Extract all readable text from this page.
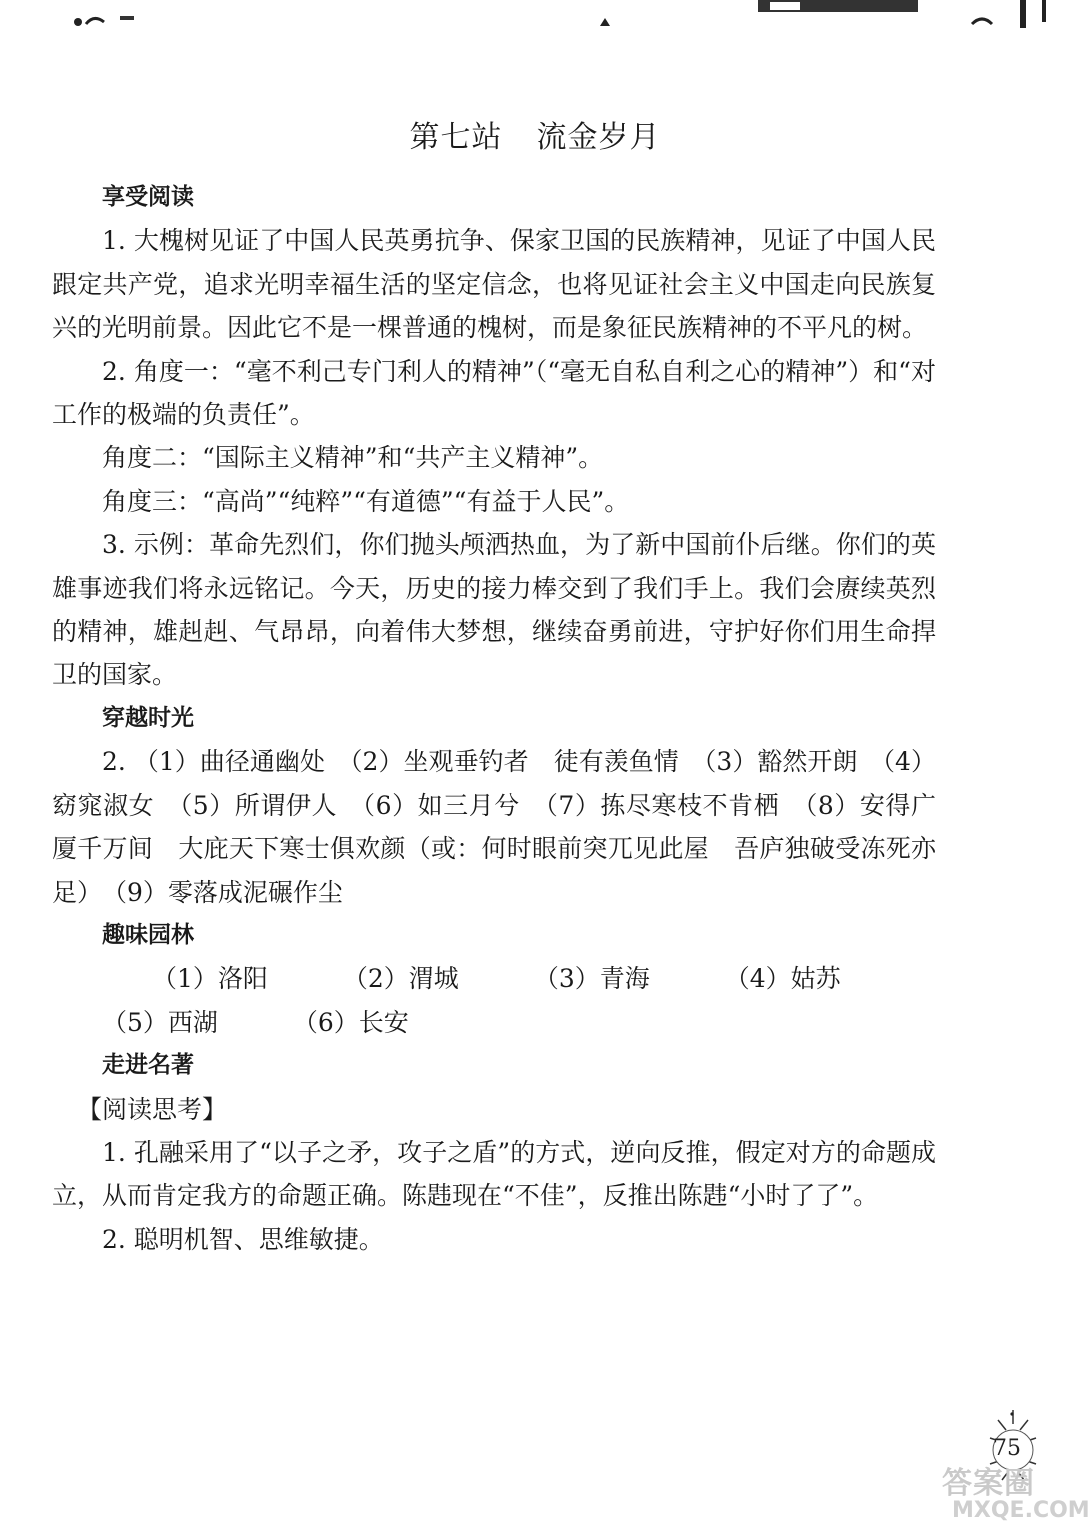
第七站 流金岁月
享受阅读

1. 大槐树见证了中国人民英勇抗争、保家卫国的民族精神，见证了中国人民跟定共产党，追求光明幸福生活的坚定信念，也将见证社会主义中国走向民族复兴的光明前景。因此它不是一棵普通的槐树，而是象征民族精神的不平凡的树。

2. 角度一：“毫不利己专门利人的精神”（“毫无自私自利之心的精神”）和“对工作的极端的负责任”。

角度二：“国际主义精神”和“共产主义精神”。

角度三：“高尚”“纯粹”“有道德”“有益于人民”。

3. 示例：革命先烈们，你们抛头颅洒热血，为了新中国前仆后继。你们的英雄事迹我们将永远铭记。今天，历史的接力棒交到了我们手上。我们会赓续英烈的精神，雄赳赳、气昂昂，向着伟大梦想，继续奋勇前进，守护好你们用生命捍卫的国家。

穿越时光

2. （1）曲径通幽处　（2）坐观垂钓者　徒有羡鱼情　（3）豁然开朗　（4）窈窕淑女　（5）所谓伊人　（6）如三月兮　（7）拣尽寒枝不肯栖　（8）安得广厦千万间　大庇天下寒士俱欢颜（或：何时眼前突兀见此屋　吾庐独破受冻死亦足）　（9）零落成泥碾作尘

趣味园林

（1）洛阳 	（2）渭城 	（3）青海 	（4）姑苏 （5）西湖 	（6）长安

走进名著

【阅读思考】

1. 孔融采用了“以子之矛，攻子之盾”的方式，逆向反推，假定对方的命题成立，从而肯定我方的命题正确。陈韪现在“不佳”，反推出陈韪“小时了了”。

2. 聪明机智、思维敏捷。

75
答案圈
MXQE.COM
